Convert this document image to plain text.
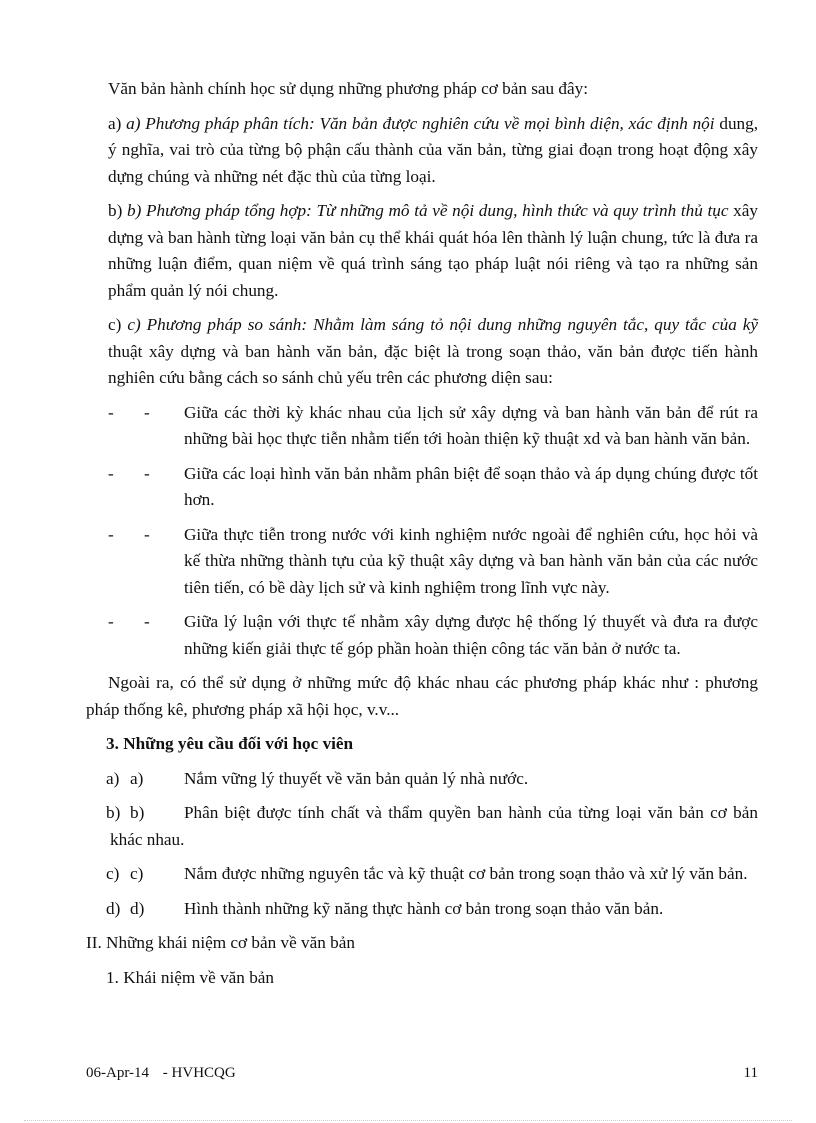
Văn bản hành chính học sử dụng những phương pháp cơ bản sau đây:

a) a) Phương pháp phân tích: Văn bản được nghiên cứu về mọi bình diện, xác định nội dung, ý nghĩa, vai trò của từng bộ phận cấu thành của văn bản, từng giai đoạn trong hoạt động xây dựng chúng và những nét đặc thù của từng loại.
b) b) Phương pháp tổng hợp: Từ những mô tả về nội dung, hình thức và quy trình thủ tục xây dựng và ban hành từng loại văn bản cụ thể khái quát hóa lên thành lý luận chung, tức là đưa ra những luận điểm, quan niệm về quá trình sáng tạo pháp luật nói riêng và tạo ra những sản phẩm quản lý nói chung.
c) c) Phương pháp so sánh: Nhằm làm sáng tỏ nội dung những nguyên tắc, quy tắc của kỹ thuật xây dựng và ban hành văn bản, đặc biệt là trong soạn thảo, văn bản được tiến hành nghiên cứu bằng cách so sánh chủ yếu trên các phương diện sau:
- - Giữa các thời kỳ khác nhau của lịch sử xây dựng và ban hành văn bản để rút ra những bài học thực tiễn nhằm tiến tới hoàn thiện kỹ thuật xd và ban hành văn bản.
- - Giữa các loại hình văn bản nhằm phân biệt để soạn thảo và áp dụng chúng được tốt hơn.
- - Giữa thực tiễn trong nước với kinh nghiệm nước ngoài để nghiên cứu, học hỏi và kế thừa những thành tựu của kỹ thuật xây dựng và ban hành văn bản của các nước tiên tiến, có bề dày lịch sử và kinh nghiệm trong lĩnh vực này.
- - Giữa lý luận với thực tế nhằm xây dựng được hệ thống lý thuyết và đưa ra được những kiến giải thực tế góp phần hoàn thiện công tác văn bản ở nước ta.

Ngoài ra, có thể sử dụng ở những mức độ khác nhau các phương pháp khác như : phương pháp thống kê, phương pháp xã hội học, v.v...

3. Những yêu cầu đối với học viên

a) a)	Nắm vững lý thuyết về văn bản quản lý nhà nước.
b) b)	Phân biệt được tính chất và thẩm quyền ban hành của từng loại văn bản cơ bản khác nhau.
c) c)	Nắm được những nguyên tắc và kỹ thuật cơ bản trong soạn thảo và xử lý văn bản.
d) d)	Hình thành những kỹ năng thực hành cơ bản trong soạn thảo văn bản.

II. Những khái niệm cơ bản về văn bản

1. Khái niệm về văn bản

06-Apr-14 - HVHCQG	11
